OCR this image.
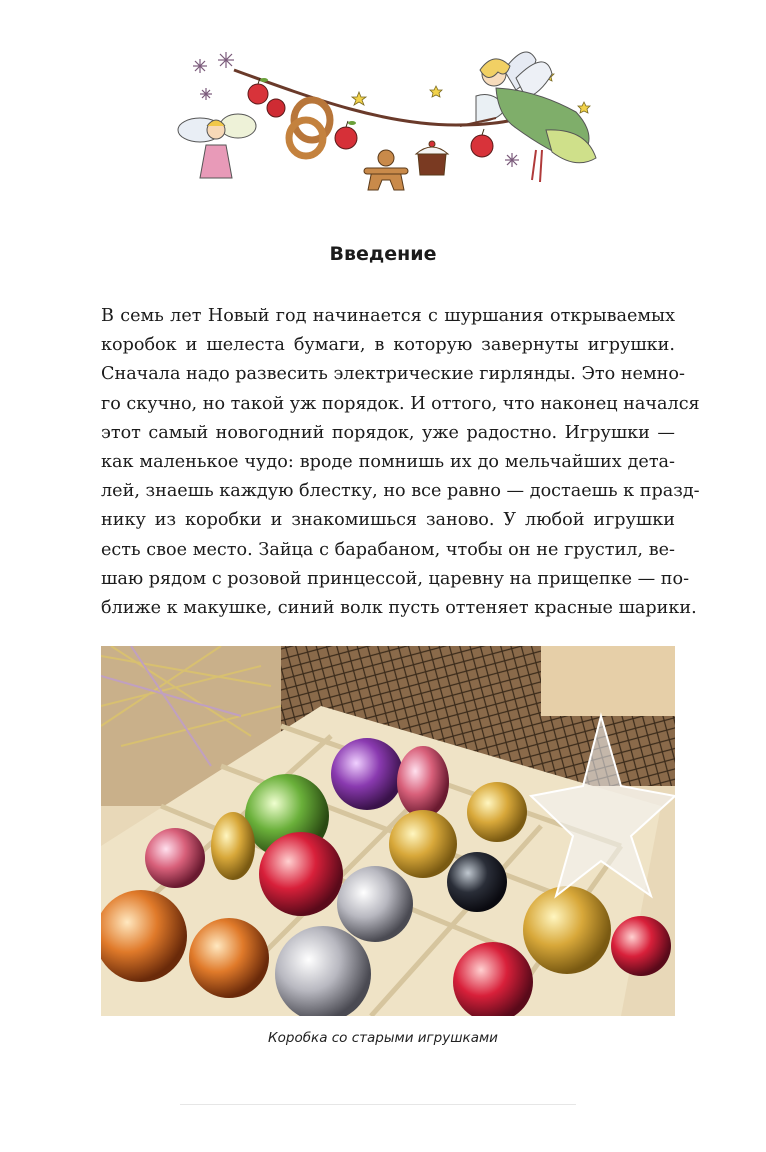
Введение
В семь лет Новый год начинается с шуршания открываемых
коробок и шелеста бумаги, в которую завернуты игрушки.
Сначала надо развесить электрические гирлянды. Это немно-
го скучно, но такой уж порядок. И оттого, что наконец начался
этот самый новогодний порядок, уже радостно. Игрушки —
как маленькое чудо: вроде помнишь их до мельчайших дета-
лей, знаешь каждую блестку, но все равно — достаешь к празд-
нику из коробки и знакомишься заново. У любой игрушки
есть свое место. Зайца с барабаном, чтобы он не грустил, ве-
шаю рядом с розовой принцессой, царевну на прищепке — по-
ближе к макушке, синий волк пусть оттеняет красные шарики.
Коробка со старыми игрушками
